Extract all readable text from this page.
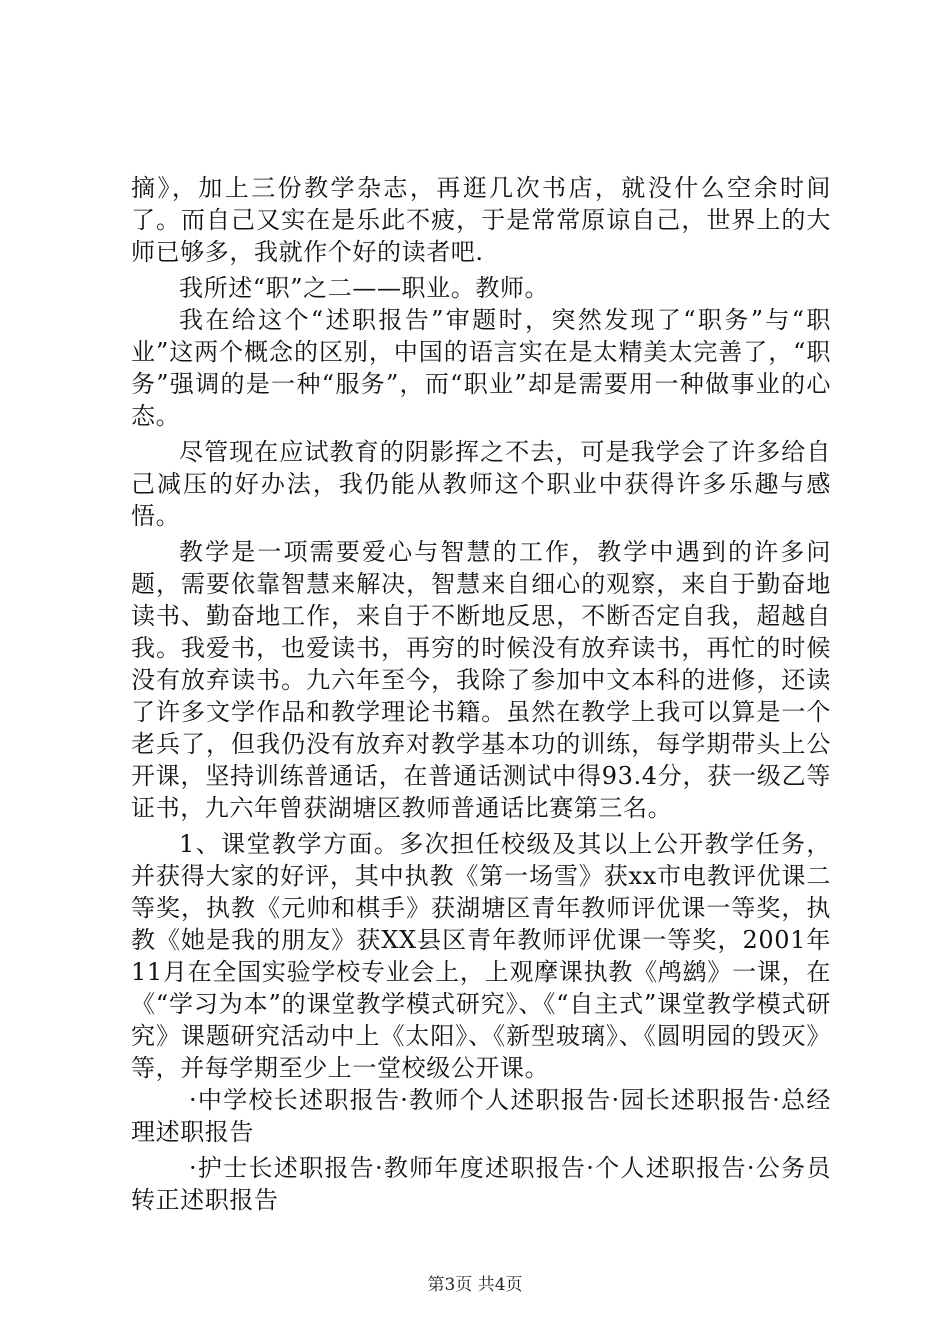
摘》，加上三份教学杂志，再逛几次书店，就没什么空余时间了。而自己又实在是乐此不疲，于是常常原谅自己，世界上的大师已够多，我就作个好的读者吧.

我所述“职”之二——职业。教师。

我在给这个“述职报告”审题时，突然发现了“职务”与“职业”这两个概念的区别，中国的语言实在是太精美太完善了，“职务”强调的是一种“服务”，而“职业”却是需要用一种做事业的心态。

尽管现在应试教育的阴影挥之不去，可是我学会了许多给自己减压的好办法，我仍能从教师这个职业中获得许多乐趣与感悟。

教学是一项需要爱心与智慧的工作，教学中遇到的许多问题，需要依靠智慧来解决，智慧来自细心的观察，来自于勤奋地读书、勤奋地工作，来自于不断地反思，不断否定自我，超越自我。我爱书，也爱读书，再穷的时候没有放弃读书，再忙的时候没有放弃读书。九六年至今，我除了参加中文本科的进修，还读了许多文学作品和教学理论书籍。虽然在教学上我可以算是一个老兵了，但我仍没有放弃对教学基本功的训练，每学期带头上公开课，坚持训练普通话，在普通话测试中得93.4分，获一级乙等证书，九六年曾获湖塘区教师普通话比赛第三名。

1、课堂教学方面。多次担任校级及其以上公开教学任务，并获得大家的好评，其中执教《第一场雪》获xx市电教评优课二等奖，执教《元帅和棋手》获湖塘区青年教师评优课一等奖，执教《她是我的朋友》获XX县区青年教师评优课一等奖，2001年11月在全国实验学校专业会上，上观摩课执教《鸬鹚》一课，在《“学习为本”的课堂教学模式研究》、《“自主式”课堂教学模式研究》课题研究活动中上《太阳》、《新型玻璃》、《圆明园的毁灭》等，并每学期至少上一堂校级公开课。

·中学校长述职报告·教师个人述职报告·园长述职报告·总经理述职报告

·护士长述职报告·教师年度述职报告·个人述职报告·公务员转正述职报告

第3页 共4页
